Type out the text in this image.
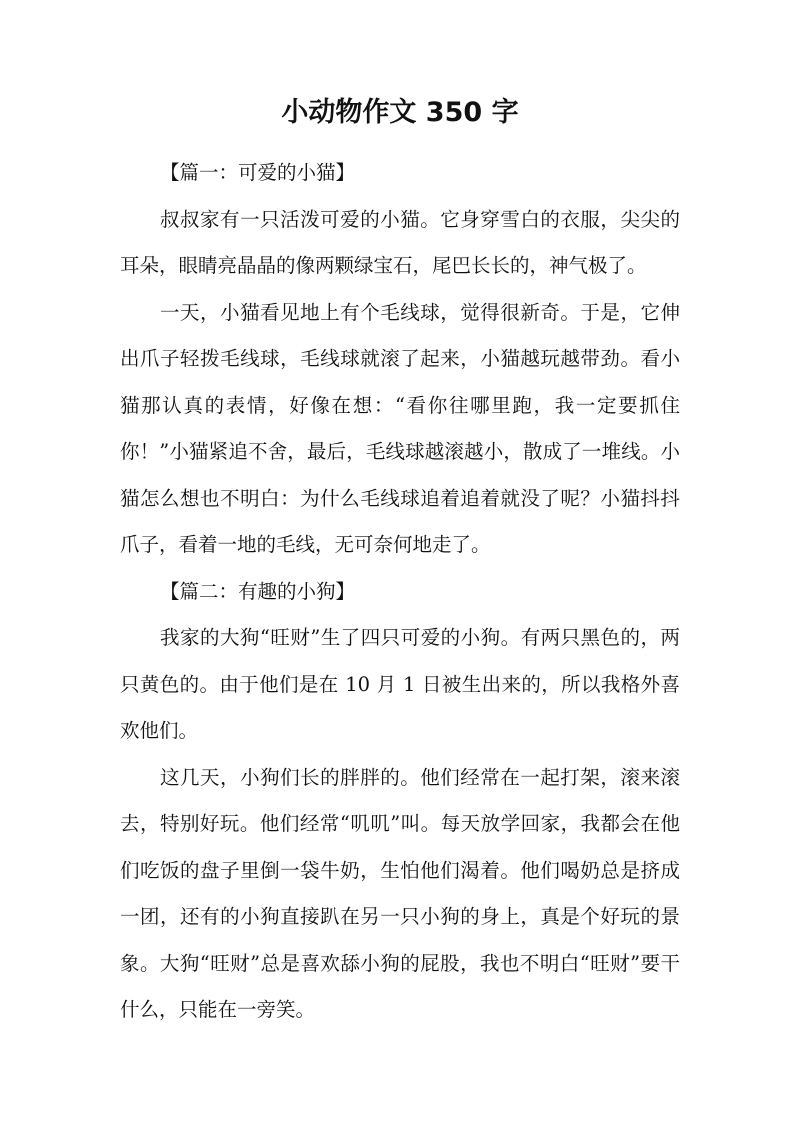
小动物作文 350 字

【篇一：可爱的小猫】

叔叔家有一只活泼可爱的小猫。它身穿雪白的衣服，尖尖的耳朵，眼睛亮晶晶的像两颗绿宝石，尾巴长长的，神气极了。

一天，小猫看见地上有个毛线球，觉得很新奇。于是，它伸出爪子轻拨毛线球，毛线球就滚了起来，小猫越玩越带劲。看小猫那认真的表情，好像在想：“看你往哪里跑，我一定要抓住你！”小猫紧追不舍，最后，毛线球越滚越小，散成了一堆线。小猫怎么想也不明白：为什么毛线球追着追着就没了呢？小猫抖抖爪子，看着一地的毛线，无可奈何地走了。

【篇二：有趣的小狗】

我家的大狗“旺财”生了四只可爱的小狗。有两只黑色的，两只黄色的。由于他们是在 10 月 1 日被生出来的，所以我格外喜欢他们。

这几天，小狗们长的胖胖的。他们经常在一起打架，滚来滚去，特别好玩。他们经常“叽叽”叫。每天放学回家，我都会在他们吃饭的盘子里倒一袋牛奶，生怕他们渴着。他们喝奶总是挤成一团，还有的小狗直接趴在另一只小狗的身上，真是个好玩的景象。大狗“旺财”总是喜欢舔小狗的屁股，我也不明白“旺财”要干什么，只能在一旁笑。
